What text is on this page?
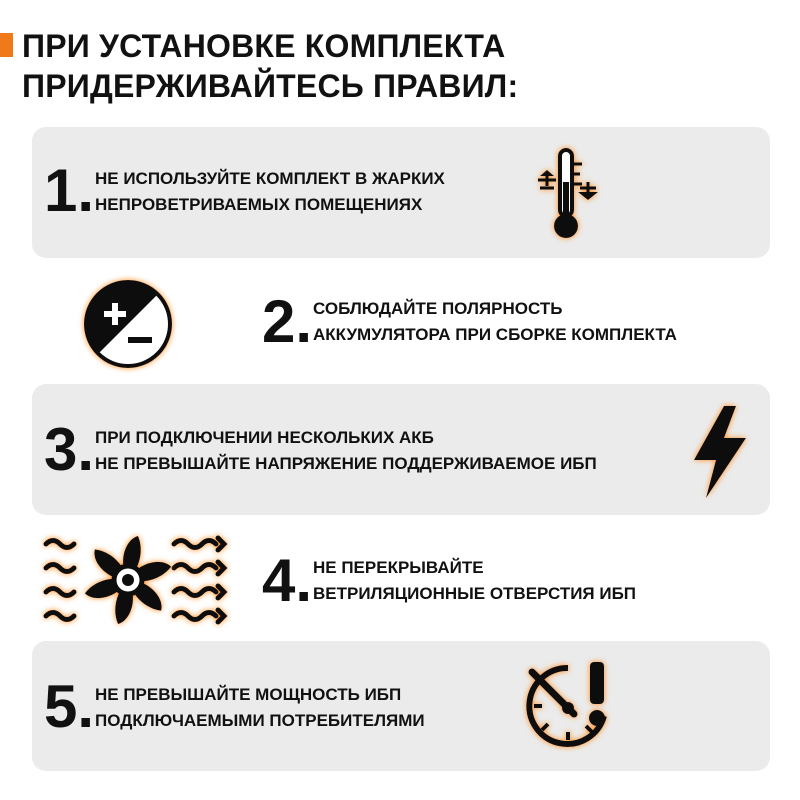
ПРИ УСТАНОВКЕ КОМПЛЕКТА
ПРИДЕРЖИВАЙТЕСЬ ПРАВИЛ:
1. НЕ ИСПОЛЬЗУЙТЕ КОМПЛЕКТ В ЖАРКИХ
НЕПРОВЕТРИВАЕМЫХ ПОМЕЩЕНИЯХ
2. СОБЛЮДАЙТЕ ПОЛЯРНОСТЬ
АККУМУЛЯТОРА ПРИ СБОРКЕ КОМПЛЕКТА
3. ПРИ ПОДКЛЮЧЕНИИ НЕСКОЛЬКИХ АКБ
НЕ ПРЕВЫШАЙТЕ НАПРЯЖЕНИЕ ПОДДЕРЖИВАЕМОЕ ИБП
4. НЕ ПЕРЕКРЫВАЙТЕ
ВЕТРИЛЯЦИОННЫЕ ОТВЕРСТИЯ ИБП
5. НЕ ПРЕВЫШАЙТЕ МОЩНОСТЬ ИБП
ПОДКЛЮЧАЕМЫМИ ПОТРЕБИТЕЛЯМИ
